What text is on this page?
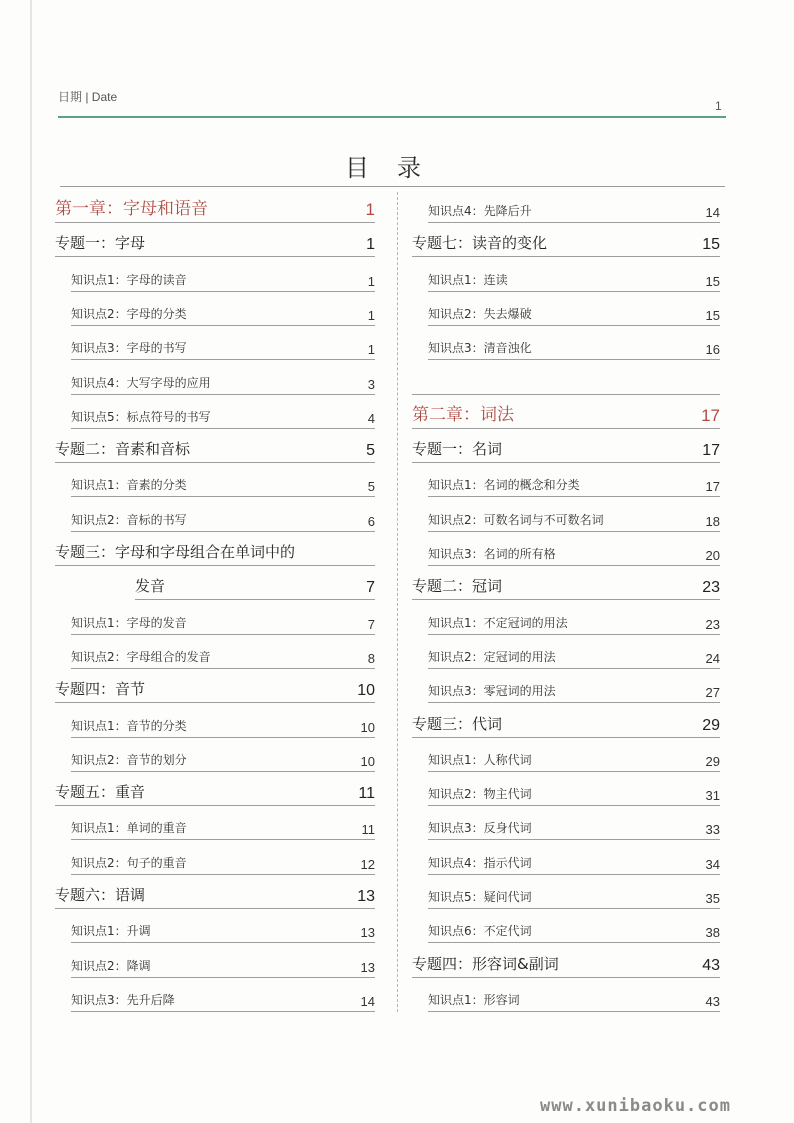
日期 | Date
1
目录
第一章：字母和语音	1
专题一：字母	1
知识点1：字母的读音	1
知识点2：字母的分类	1
知识点3：字母的书写	1
知识点4：大写字母的应用	3
知识点5：标点符号的书写	4
专题二：音素和音标	5
知识点1：音素的分类	5
知识点2：音标的书写	6
专题三：字母和字母组合在单词中的
发音	7
知识点1：字母的发音	7
知识点2：字母组合的发音	8
专题四：音节	10
知识点1：音节的分类	10
知识点2：音节的划分	10
专题五：重音	11
知识点1：单词的重音	11
知识点2：句子的重音	12
专题六：语调	13
知识点1：升调	13
知识点2：降调	13
知识点3：先升后降	14
知识点4：先降后升	14
专题七：读音的变化	15
知识点1：连读	15
知识点2：失去爆破	15
知识点3：清音浊化	16
第二章：词法	17
专题一：名词	17
知识点1：名词的概念和分类	17
知识点2：可数名词与不可数名词	18
知识点3：名词的所有格	20
专题二：冠词	23
知识点1：不定冠词的用法	23
知识点2：定冠词的用法	24
知识点3：零冠词的用法	27
专题三：代词	29
知识点1：人称代词	29
知识点2：物主代词	31
知识点3：反身代词	33
知识点4：指示代词	34
知识点5：疑问代词	35
知识点6：不定代词	38
专题四：形容词&副词	43
知识点1：形容词	43
www.xunibaoku.com
